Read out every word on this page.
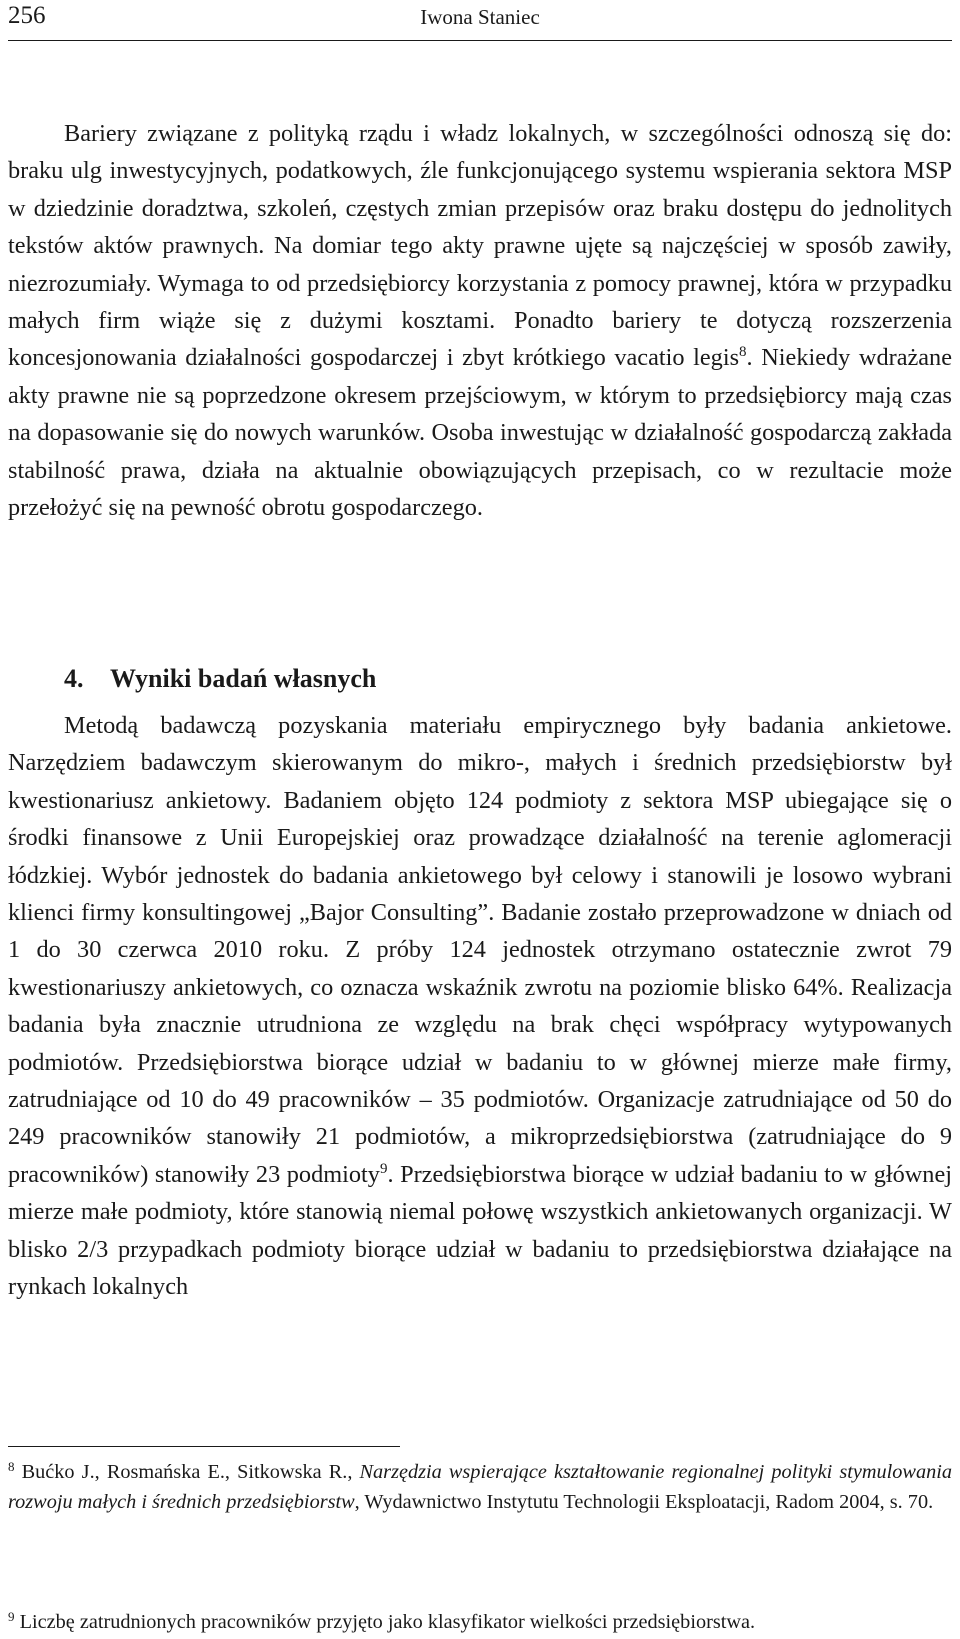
256	Iwona Staniec

Bariery związane z polityką rządu i władz lokalnych, w szczególności odnoszą się do: braku ulg inwestycyjnych, podatkowych, źle funkcjonującego systemu wspierania sektora MSP w dziedzinie doradztwa, szkoleń, częstych zmian przepisów oraz braku dostępu do jednolitych tekstów aktów prawnych. Na domiar tego akty prawne ujęte są najczęściej w sposób zawiły, niezrozumiały. Wymaga to od przedsiębiorcy korzystania z pomocy prawnej, która w przypadku małych firm wiąże się z dużymi kosztami. Ponadto bariery te dotyczą rozszerzenia koncesjonowania działalności gospodarczej i zbyt krótkiego vacatio legis$^8$. Niekiedy wdrażane akty prawne nie są poprzedzone okresem przejściowym, w którym to przedsiębiorcy mają czas na dopasowanie się do nowych warunków. Osoba inwestując w działalność gospodarczą zakłada stabilność prawa, działa na aktualnie obowiązujących przepisach, co w rezultacie może przełożyć się na pewność obrotu gospodarczego.

4. Wyniki badań własnych

Metodą badawczą pozyskania materiału empirycznego były badania ankietowe. Narzędziem badawczym skierowanym do mikro-, małych i średnich przedsiębiorstw był kwestionariusz ankietowy. Badaniem objęto 124 podmioty z sektora MSP ubiegające się o środki finansowe z Unii Europejskiej oraz prowadzące działalność na terenie aglomeracji łódzkiej. Wybór jednostek do badania ankietowego był celowy i stanowili je losowo wybrani klienci firmy konsultingowej „Bajor Consulting”. Badanie zostało przeprowadzone w dniach od 1 do 30 czerwca 2010 roku. Z próby 124 jednostek otrzymano ostatecznie zwrot 79 kwestionariuszy ankietowych, co oznacza wskaźnik zwrotu na poziomie blisko 64%. Realizacja badania była znacznie utrudniona ze względu na brak chęci współpracy wytypowanych podmiotów. Przedsiębiorstwa biorące udział w badaniu to w głównej mierze małe firmy, zatrudniające od 10 do 49 pracowników – 35 podmiotów. Organizacje zatrudniające od 50 do 249 pracowników stanowiły 21 podmiotów, a mikroprzedsiębiorstwa (zatrudniające do 9 pracowników) stanowiły 23 podmioty$^9$. Przedsiębiorstwa biorące w udział badaniu to w głównej mierze małe podmioty, które stanowią niemal połowę wszystkich ankietowanych organizacji. W blisko 2/3 przypadkach podmioty biorące udział w badaniu to przedsiębiorstwa działające na rynkach lokalnych

$^8$ Bućko J., Rosmańska E., Sitkowska R., Narzędzia wspierające kształtowanie regionalnej polityki stymulowania rozwoju małych i średnich przedsiębiorstw, Wydawnictwo Instytutu Technologii Eksploatacji, Radom 2004, s. 70.

$^9$ Liczbę zatrudnionych pracowników przyjęto jako klasyfikator wielkości przedsiębiorstwa.
